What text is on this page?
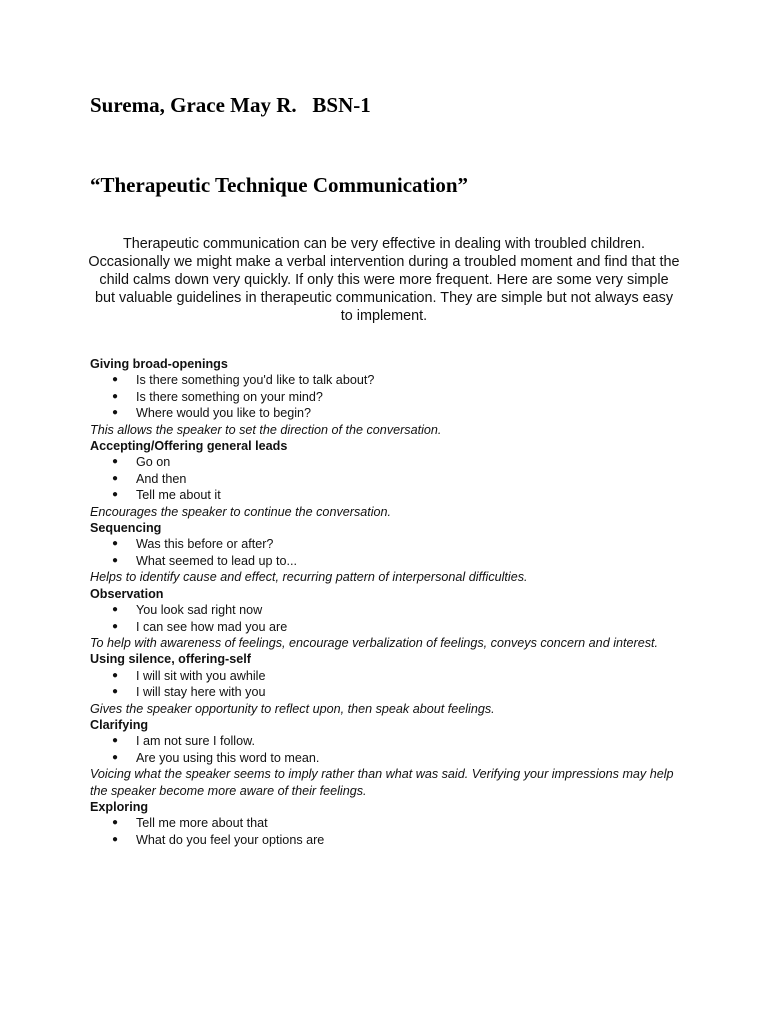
Surema, Grace May R.   BSN-1
“Therapeutic Technique Communication”

Therapeutic communication can be very effective in dealing with troubled children. Occasionally we might make a verbal intervention during a troubled moment and find that the child calms down very quickly. If only this were more frequent. Here are some very simple but valuable guidelines in therapeutic communication. They are simple but not always easy to implement.

Giving broad-openings

● Is there something you'd like to talk about?
● Is there something on your mind?
● Where would you like to begin?

This allows the speaker to set the direction of the conversation.

Accepting/Offering general leads

● Go on
● And then
● Tell me about it

Encourages the speaker to continue the conversation.

Sequencing

● Was this before or after?
● What seemed to lead up to...

Helps to identify cause and effect, recurring pattern of interpersonal difficulties.

Observation

● You look sad right now
● I can see how mad you are

To help with awareness of feelings, encourage verbalization of feelings, conveys concern and interest.

Using silence, offering-self

● I will sit with you awhile
● I will stay here with you

Gives the speaker opportunity to reflect upon, then speak about feelings.

Clarifying

● I am not sure I follow.
● Are you using this word to mean.

Voicing what the speaker seems to imply rather than what was said. Verifying your impressions may help the speaker become more aware of their feelings.

Exploring

● Tell me more about that
● What do you feel your options are
